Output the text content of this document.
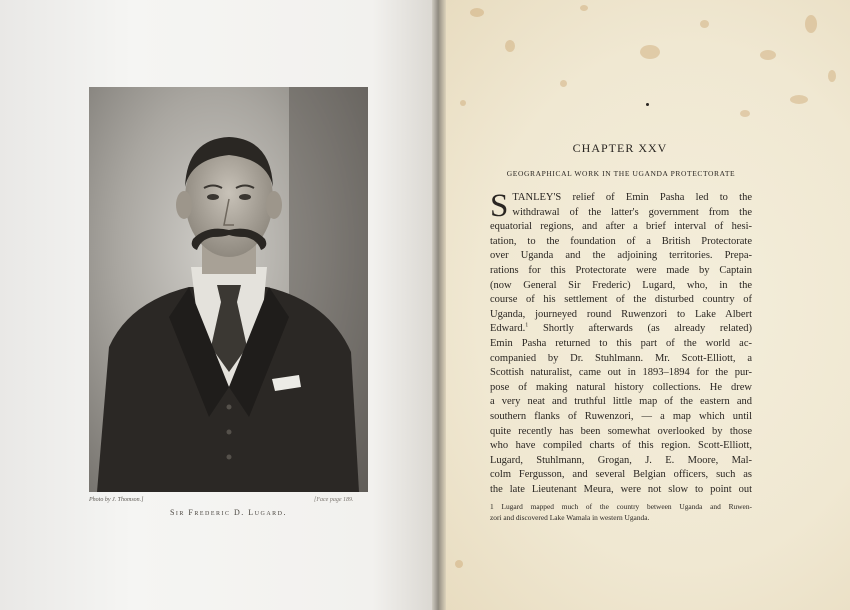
Photo by J. Thomson.]	[Face page 189.
Sir Frederic D. Lugard.
CHAPTER XXV
GEOGRAPHICAL WORK IN THE UGANDA PROTECTORATE
S TANLEY'S relief of Emin Pasha led to the
withdrawal of the latter's government from the
equatorial regions, and after a brief interval of hesi-
tation, to the foundation of a British Protectorate
over Uganda and the adjoining territories. Prepa-
rations for this Protectorate were made by Captain
(now General Sir Frederic) Lugard, who, in the
course of his settlement of the disturbed country of
Uganda, journeyed round Ruwenzori to Lake Albert
Edward.$^1$ Shortly afterwards (as already related)
Emin Pasha returned to this part of the world ac-
companied by Dr. Stuhlmann. Mr. Scott-Elliott, a
Scottish naturalist, came out in 1893–1894 for the pur-
pose of making natural history collections. He drew
a very neat and truthful little map of the eastern and
southern flanks of Ruwenzori, — a map which until
quite recently has been somewhat overlooked by those
who have compiled charts of this region. Scott-Elliott,
Lugard, Stuhlmann, Grogan, J. E. Moore, Mal-
colm Fergusson, and several Belgian officers, such as
the late Lieutenant Meura, were not slow to point out
1 Lugard mapped much of the country between Uganda and Ruwen-
zori and discovered Lake Wamala in western Uganda.
